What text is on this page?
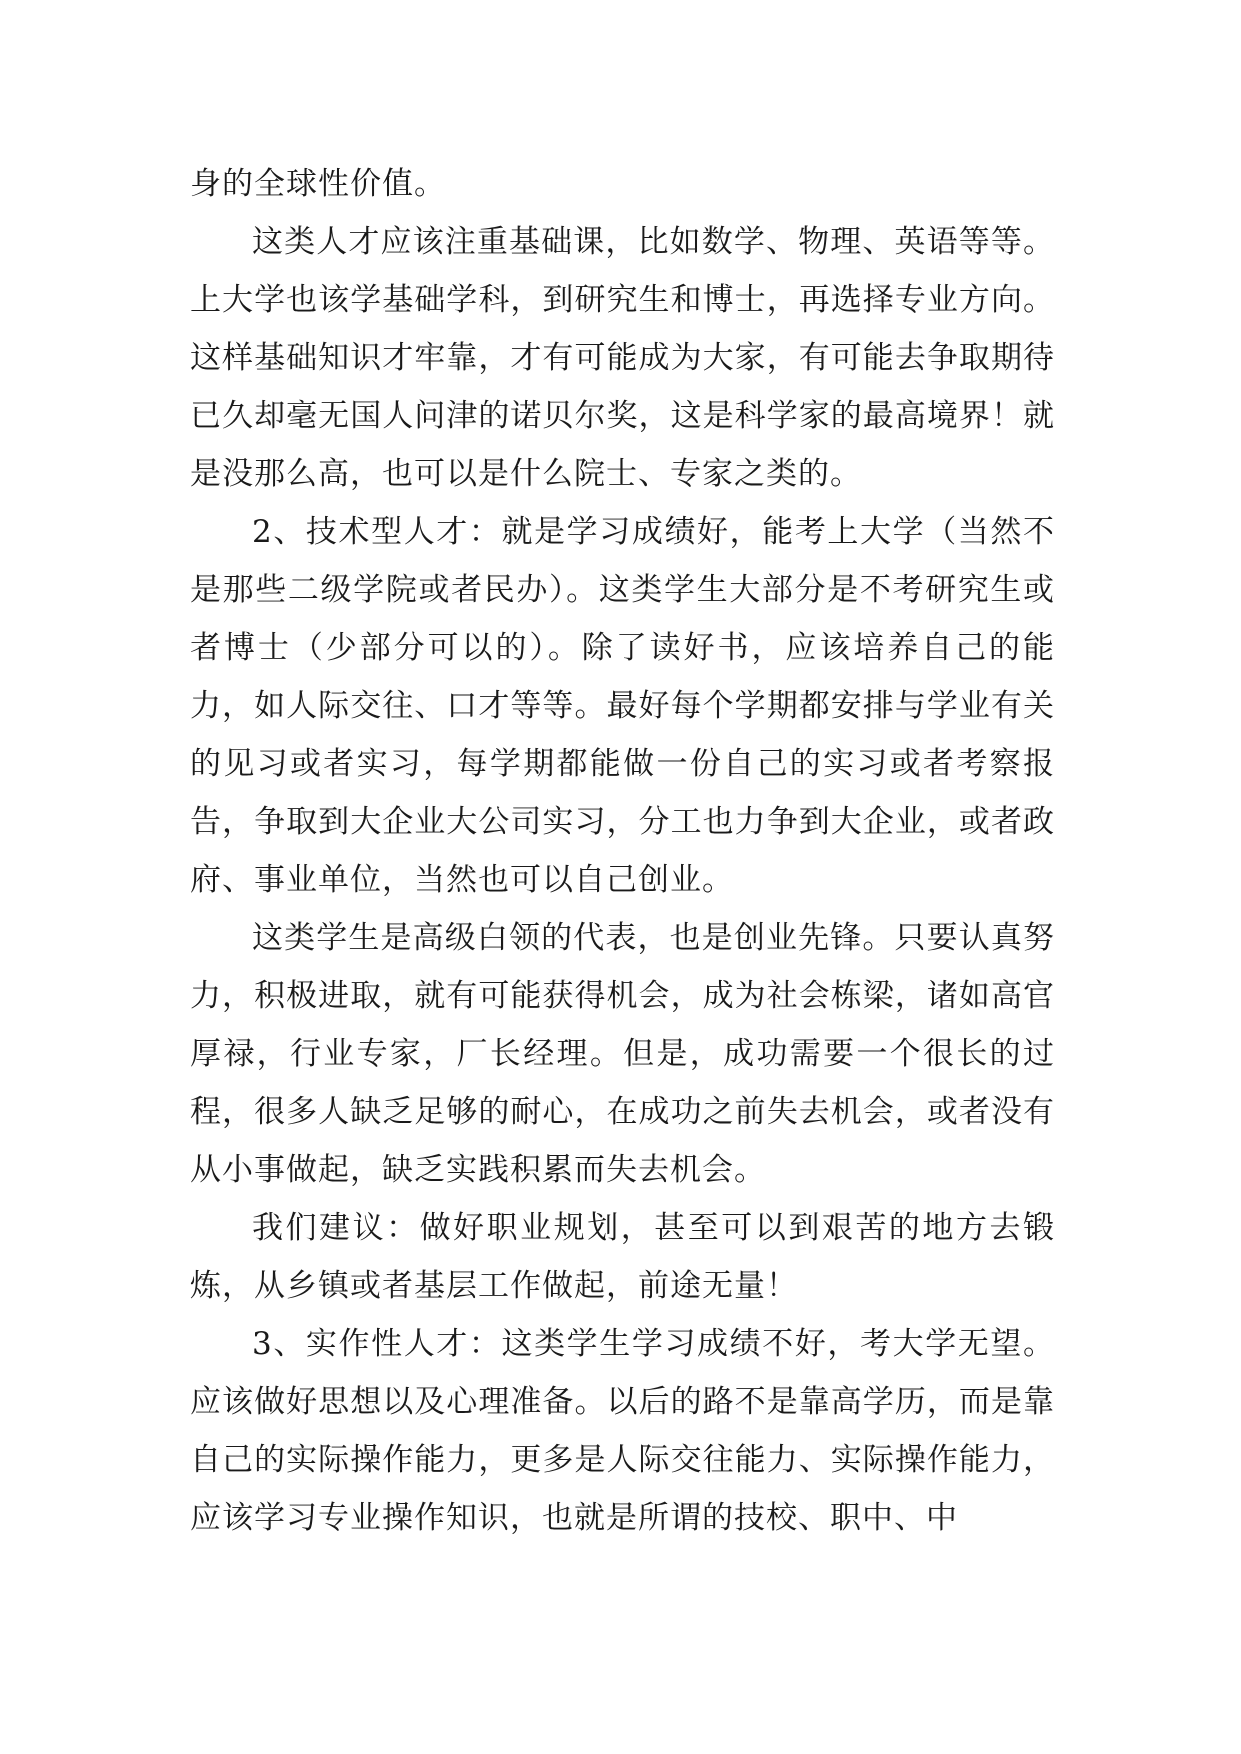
身的全球性价值。

这类人才应该注重基础课，比如数学、物理、英语等等。上大学也该学基础学科，到研究生和博士，再选择专业方向。这样基础知识才牢靠，才有可能成为大家，有可能去争取期待已久却毫无国人问津的诺贝尔奖，这是科学家的最高境界！就是没那么高，也可以是什么院士、专家之类的。

2、技术型人才：就是学习成绩好，能考上大学（当然不是那些二级学院或者民办）。这类学生大部分是不考研究生或者博士（少部分可以的）。除了读好书，应该培养自己的能力，如人际交往、口才等等。最好每个学期都安排与学业有关的见习或者实习，每学期都能做一份自己的实习或者考察报告，争取到大企业大公司实习，分工也力争到大企业，或者政府、事业单位，当然也可以自己创业。

这类学生是高级白领的代表，也是创业先锋。只要认真努力，积极进取，就有可能获得机会，成为社会栋梁，诸如高官厚禄，行业专家，厂长经理。但是，成功需要一个很长的过程，很多人缺乏足够的耐心，在成功之前失去机会，或者没有从小事做起，缺乏实践积累而失去机会。

我们建议：做好职业规划，甚至可以到艰苦的地方去锻炼，从乡镇或者基层工作做起，前途无量！

3、实作性人才：这类学生学习成绩不好，考大学无望。应该做好思想以及心理准备。以后的路不是靠高学历，而是靠自己的实际操作能力，更多是人际交往能力、实际操作能力，应该学习专业操作知识，也就是所谓的技校、职中、中
